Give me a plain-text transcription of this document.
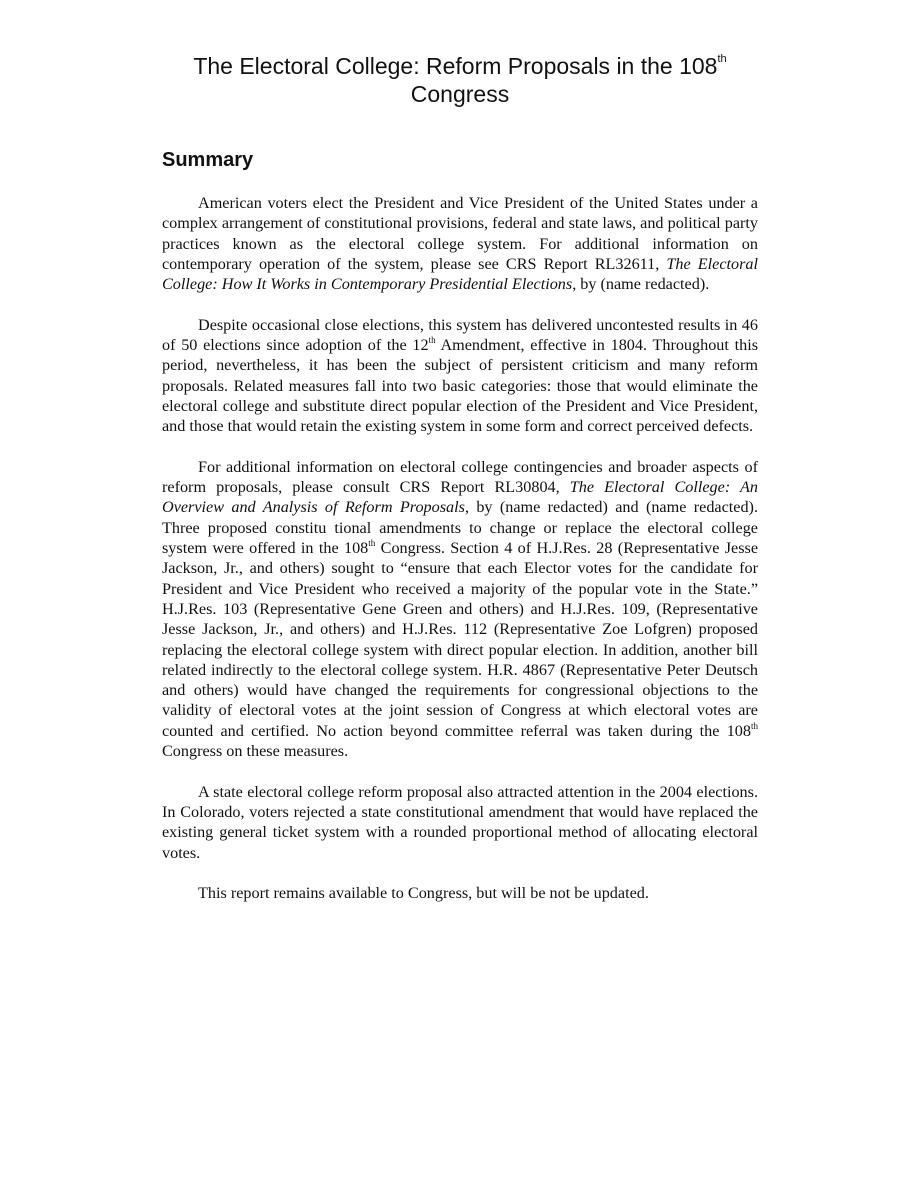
The Electoral College: Reform Proposals in the 108th
Congress
Summary

American voters elect the President and Vice President of the United States under a complex arrangement of constitutional provisions, federal and state laws, and political party practices known as the electoral college system. For additional information on contemporary operation of the system, please see CRS Report RL32611, The Electoral College: How It Works in Contemporary Presidential Elections, by (name redacted).

Despite occasional close elections, this system has delivered uncontested results in 46 of 50 elections since adoption of the 12th Amendment, effective in 1804. Throughout this period, nevertheless, it has been the subject of persistent criticism and many reform proposals. Related measures fall into two basic categories: those that would eliminate the electoral college and substitute direct popular election of the President and Vice President, and those that would retain the existing system in some form and correct perceived defects.

For additional information on electoral college contingencies and broader aspects of reform proposals, please consult CRS Report RL30804, The Electoral College: An Overview and Analysis of Reform Proposals, by (name redacted) and (name redacted). Three proposed constitu tional amendments to change or replace the electoral college system were offered in the 108th Congress. Section 4 of H.J.Res. 28 (Representative Jesse Jackson, Jr., and others) sought to “ensure that each Elector votes for the candidate for President and Vice President who received a majority of the popular vote in the State.” H.J.Res. 103 (Representative Gene Green and others) and H.J.Res. 109, (Representative Jesse Jackson, Jr., and others) and H.J.Res. 112 (Representative Zoe Lofgren) proposed replacing the electoral college system with direct popular election. In addition, another bill related indirectly to the electoral college system. H.R. 4867 (Representative Peter Deutsch and others) would have changed the requirements for congressional objections to the validity of electoral votes at the joint session of Congress at which electoral votes are counted and certified. No action beyond committee referral was taken during the 108th Congress on these measures.

A state electoral college reform proposal also attracted attention in the 2004 elections. In Colorado, voters rejected a state constitutional amendment that would have replaced the existing general ticket system with a rounded proportional method of allocating electoral votes.

This report remains available to Congress, but will be not be updated.
